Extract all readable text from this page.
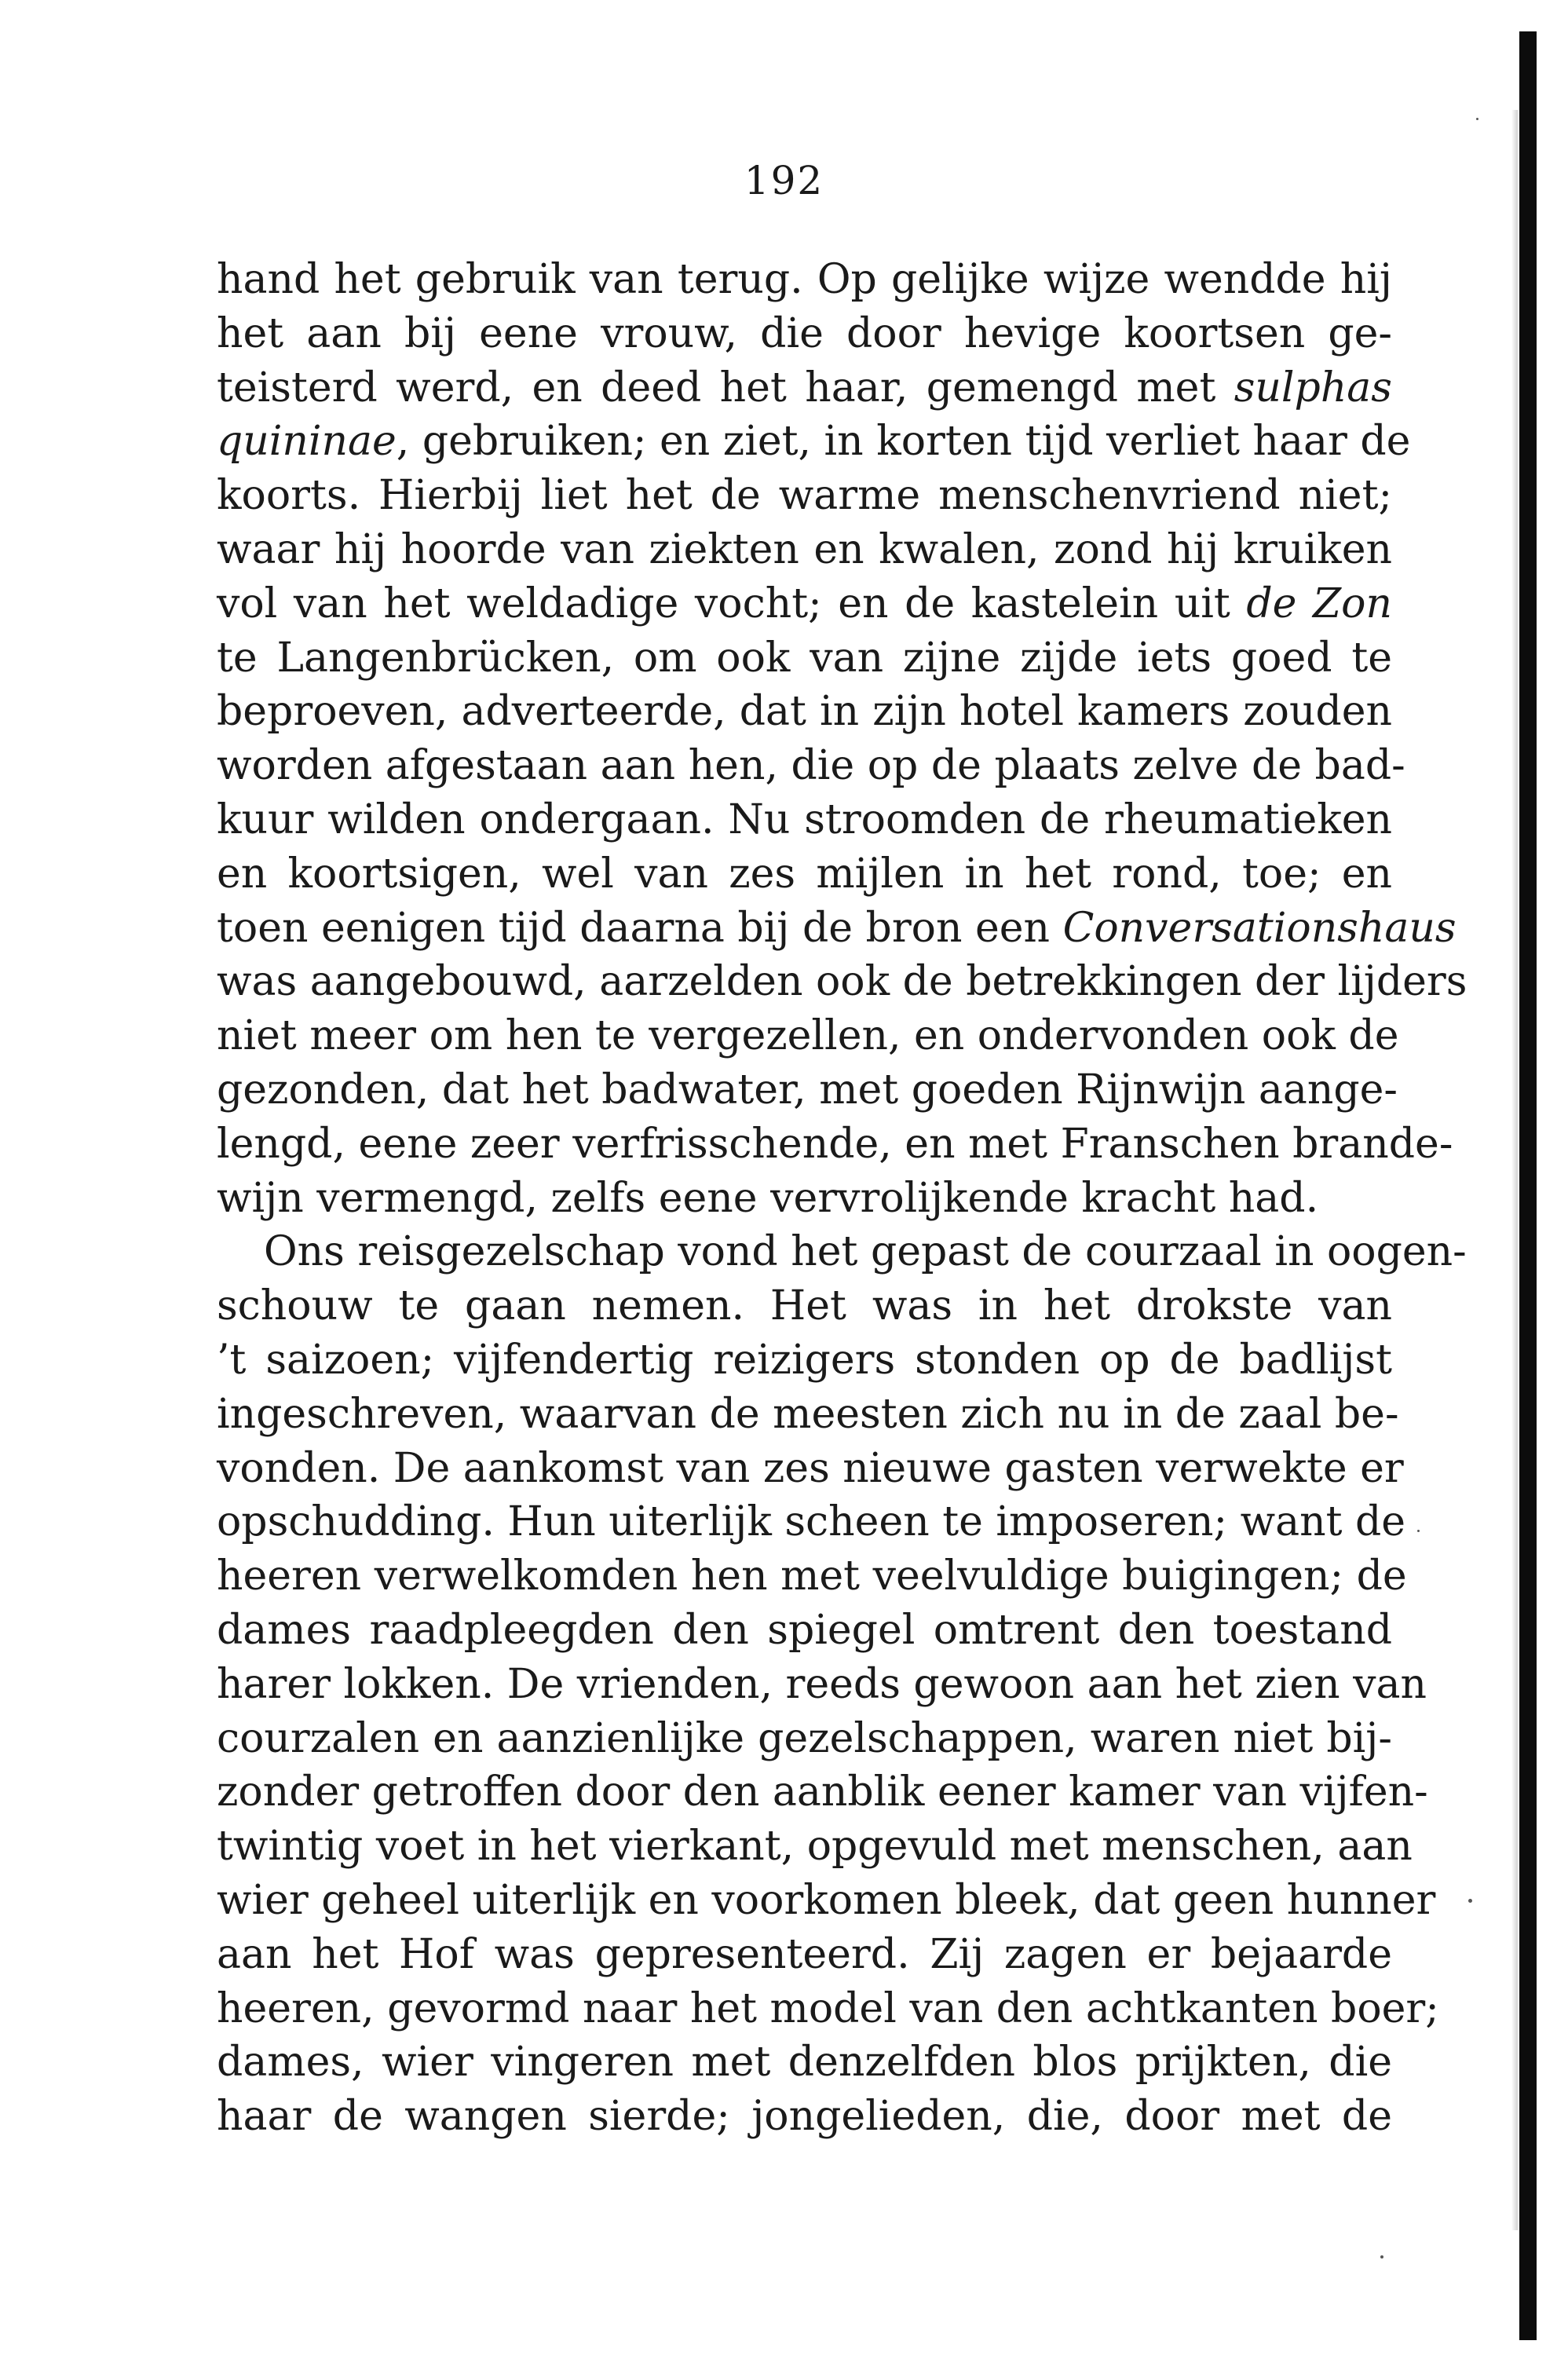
192
hand het gebruik van terug. Op gelijke wijze wendde hij
het aan bij eene vrouw, die door hevige koortsen ge-
teisterd werd, en deed het haar, gemengd met sulphas
quininae, gebruiken; en ziet, in korten tijd verliet haar de
koorts. Hierbij liet het de warme menschenvriend niet;
waar hij hoorde van ziekten en kwalen, zond hij kruiken
vol van het weldadige vocht; en de kastelein uit de Zon
te Langenbrücken, om ook van zijne zijde iets goed te
beproeven, adverteerde, dat in zijn hotel kamers zouden
worden afgestaan aan hen, die op de plaats zelve de bad-
kuur wilden ondergaan. Nu stroomden de rheumatieken
en koortsigen, wel van zes mijlen in het rond, toe; en
toen eenigen tijd daarna bij de bron een Conversationshaus
was aangebouwd, aarzelden ook de betrekkingen der lijders
niet meer om hen te vergezellen, en ondervonden ook de
gezonden, dat het badwater, met goeden Rijnwijn aange-
lengd, eene zeer verfrisschende, en met Franschen brande-
wijn vermengd, zelfs eene vervrolijkende kracht had.
Ons reisgezelschap vond het gepast de courzaal in oogen-
schouw te gaan nemen. Het was in het drokste van
’t saizoen; vijfendertig reizigers stonden op de badlijst
ingeschreven, waarvan de meesten zich nu in de zaal be-
vonden. De aankomst van zes nieuwe gasten verwekte er
opschudding. Hun uiterlijk scheen te imposeren; want de
heeren verwelkomden hen met veelvuldige buigingen; de
dames raadpleegden den spiegel omtrent den toestand
harer lokken. De vrienden, reeds gewoon aan het zien van
courzalen en aanzienlijke gezelschappen, waren niet bij-
zonder getroffen door den aanblik eener kamer van vijfen-
twintig voet in het vierkant, opgevuld met menschen, aan
wier geheel uiterlijk en voorkomen bleek, dat geen hunner
aan het Hof was gepresenteerd. Zij zagen er bejaarde
heeren, gevormd naar het model van den achtkanten boer;
dames, wier vingeren met denzelfden blos prijkten, die
haar de wangen sierde; jongelieden, die, door met de
